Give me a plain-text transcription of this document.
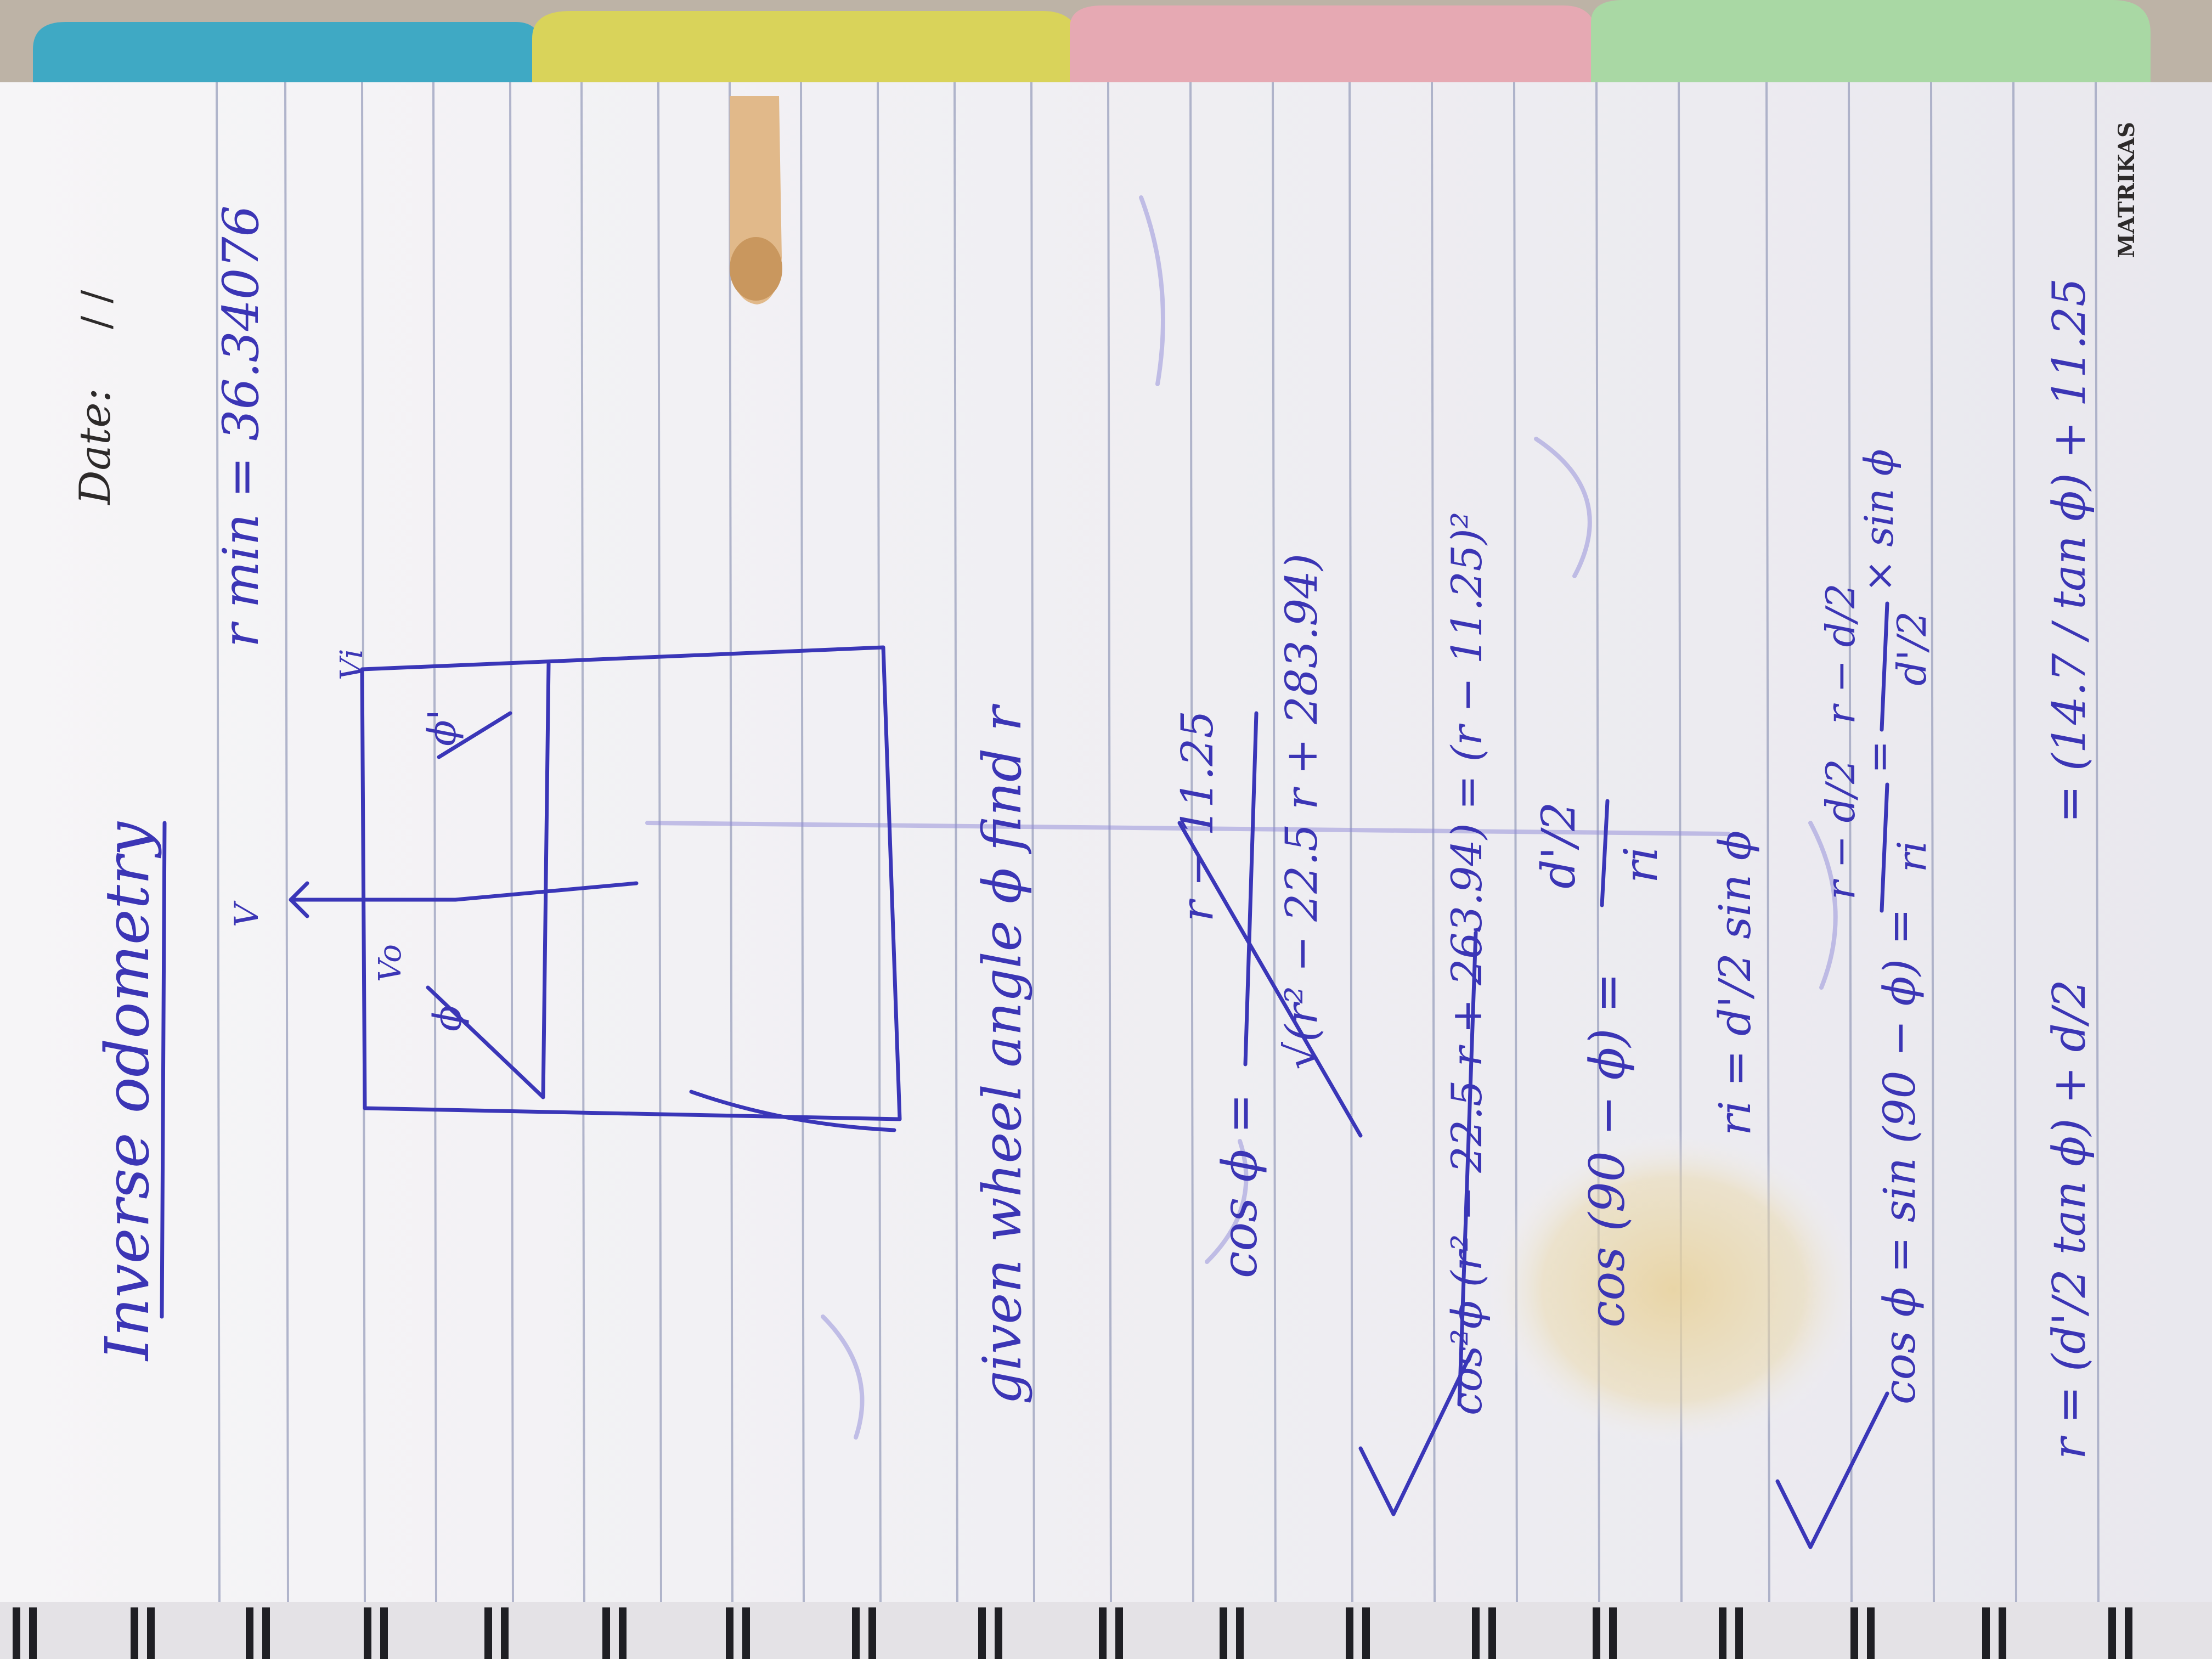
V
Vi
Vo
ϕ'
ϕ
Date:
/ /
MATRIKAS
Inverse odometry
r min = 36.34076
given wheel angle ϕ find r	cos ϕ =
r − 11.25 √(r² − 22.5 r + 283.94)	cos²ϕ (r² − 22.5 r + 263.94) = (r − 11.25)² cos (90 − ϕ) =
d'/2 ri ri = d'/2 sin ϕ	cos ϕ = sin (90 − ϕ) =
r − d/2 ri
=
r − d/2 d'/2
× sin ϕ
r = (d'/2 tan ϕ) + d/2
= (14.7 / tan ϕ) + 11.25
